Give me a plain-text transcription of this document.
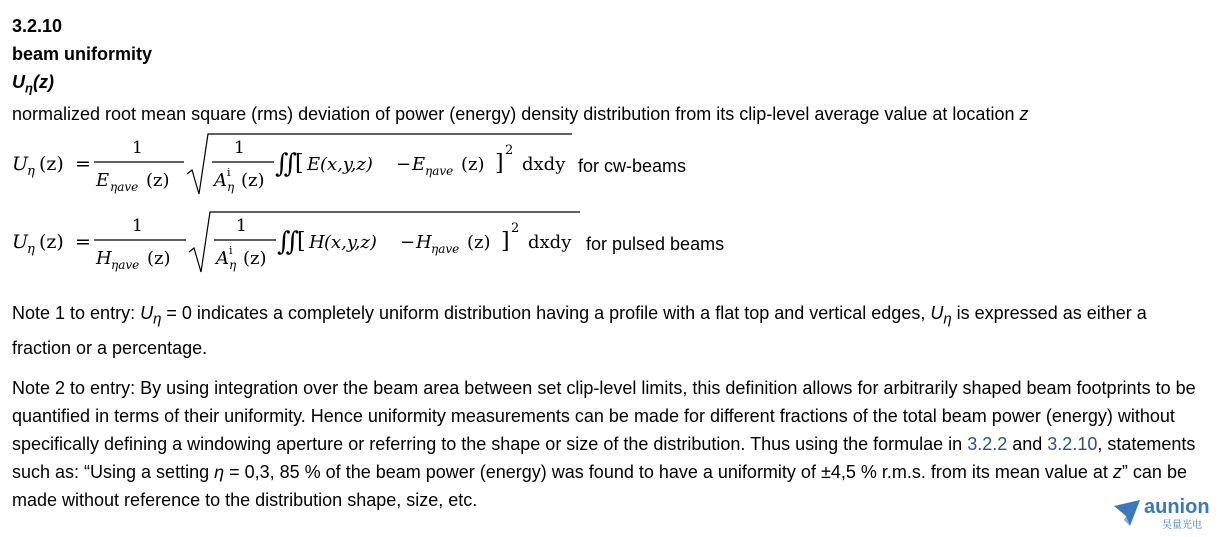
3.2.10
beam uniformity
$U_\eta(z)$
normalized root mean square (rms) deviation of power (energy) density distribution from its clip-level average value at location z
U
η (z) =
1
E ηave (z)
1
A i
η (z)
∬
[ E (x,y,z) − E ηave (z) ]
2
dxdy for cw-beams
U
η (z) =
1
H ηave (z)
1
A i
η (z)
∬
[ H (x,y,z) − H ηave (z) ]
2
dxdy for pulsed beams
Note 1 to entry: $U_\eta = 0$ indicates a completely uniform distribution having a profile with a flat top and vertical edges, $U_\eta$ is expressed as either a fraction or a percentage.
Note 2 to entry: By using integration over the beam area between set clip-level limits, this definition allows for arbitrarily shaped beam footprints to be quantified in terms of their uniformity. Hence uniformity measurements can be made for different fractions of the total beam power (energy) without specifically defining a windowing aperture or referring to the shape or size of the distribution. Thus using the formulae in 3.2.2 and 3.2.10, statements such as: “Using a setting η = 0,3, 85 % of the beam power (energy) was found to have a uniformity of ±4,5 % r.m.s. from its mean value at z” can be made without reference to the distribution shape, size, etc.	aunion
昊量光电
